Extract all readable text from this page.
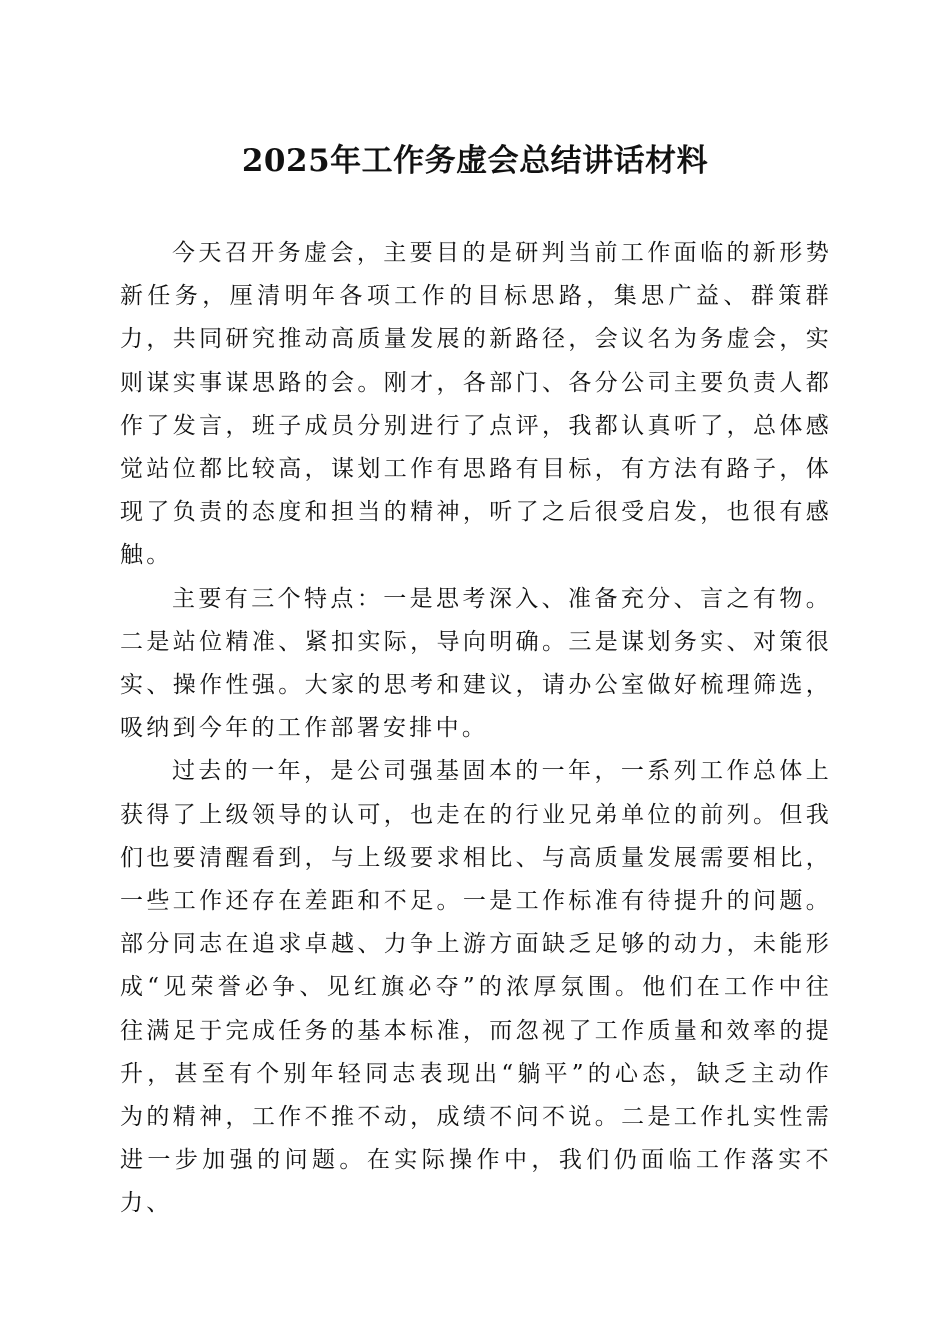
2025年工作务虚会总结讲话材料

今天召开务虚会，主要目的是研判当前工作面临的新形势新任务，厘清明年各项工作的目标思路，集思广益、群策群力，共同研究推动高质量发展的新路径，会议名为务虚会，实则谋实事谋思路的会。刚才，各部门、各分公司主要负责人都作了发言，班子成员分别进行了点评，我都认真听了，总体感觉站位都比较高，谋划工作有思路有目标，有方法有路子，体现了负责的态度和担当的精神，听了之后很受启发，也很有感触。

主要有三个特点：一是思考深入、准备充分、言之有物。二是站位精准、紧扣实际，导向明确。三是谋划务实、对策很实、操作性强。大家的思考和建议，请办公室做好梳理筛选，吸纳到今年的工作部署安排中。

过去的一年，是公司强基固本的一年，一系列工作总体上获得了上级领导的认可，也走在的行业兄弟单位的前列。但我们也要清醒看到，与上级要求相比、与高质量发展需要相比，一些工作还存在差距和不足。一是工作标准有待提升的问题。部分同志在追求卓越、力争上游方面缺乏足够的动力，未能形成“见荣誉必争、见红旗必夺”的浓厚氛围。他们在工作中往往满足于完成任务的基本标准，而忽视了工作质量和效率的提升，甚至有个别年轻同志表现出“躺平”的心态，缺乏主动作为的精神，工作不推不动，成绩不问不说。二是工作扎实性需进一步加强的问题。在实际操作中，我们仍面临工作落实不力、
